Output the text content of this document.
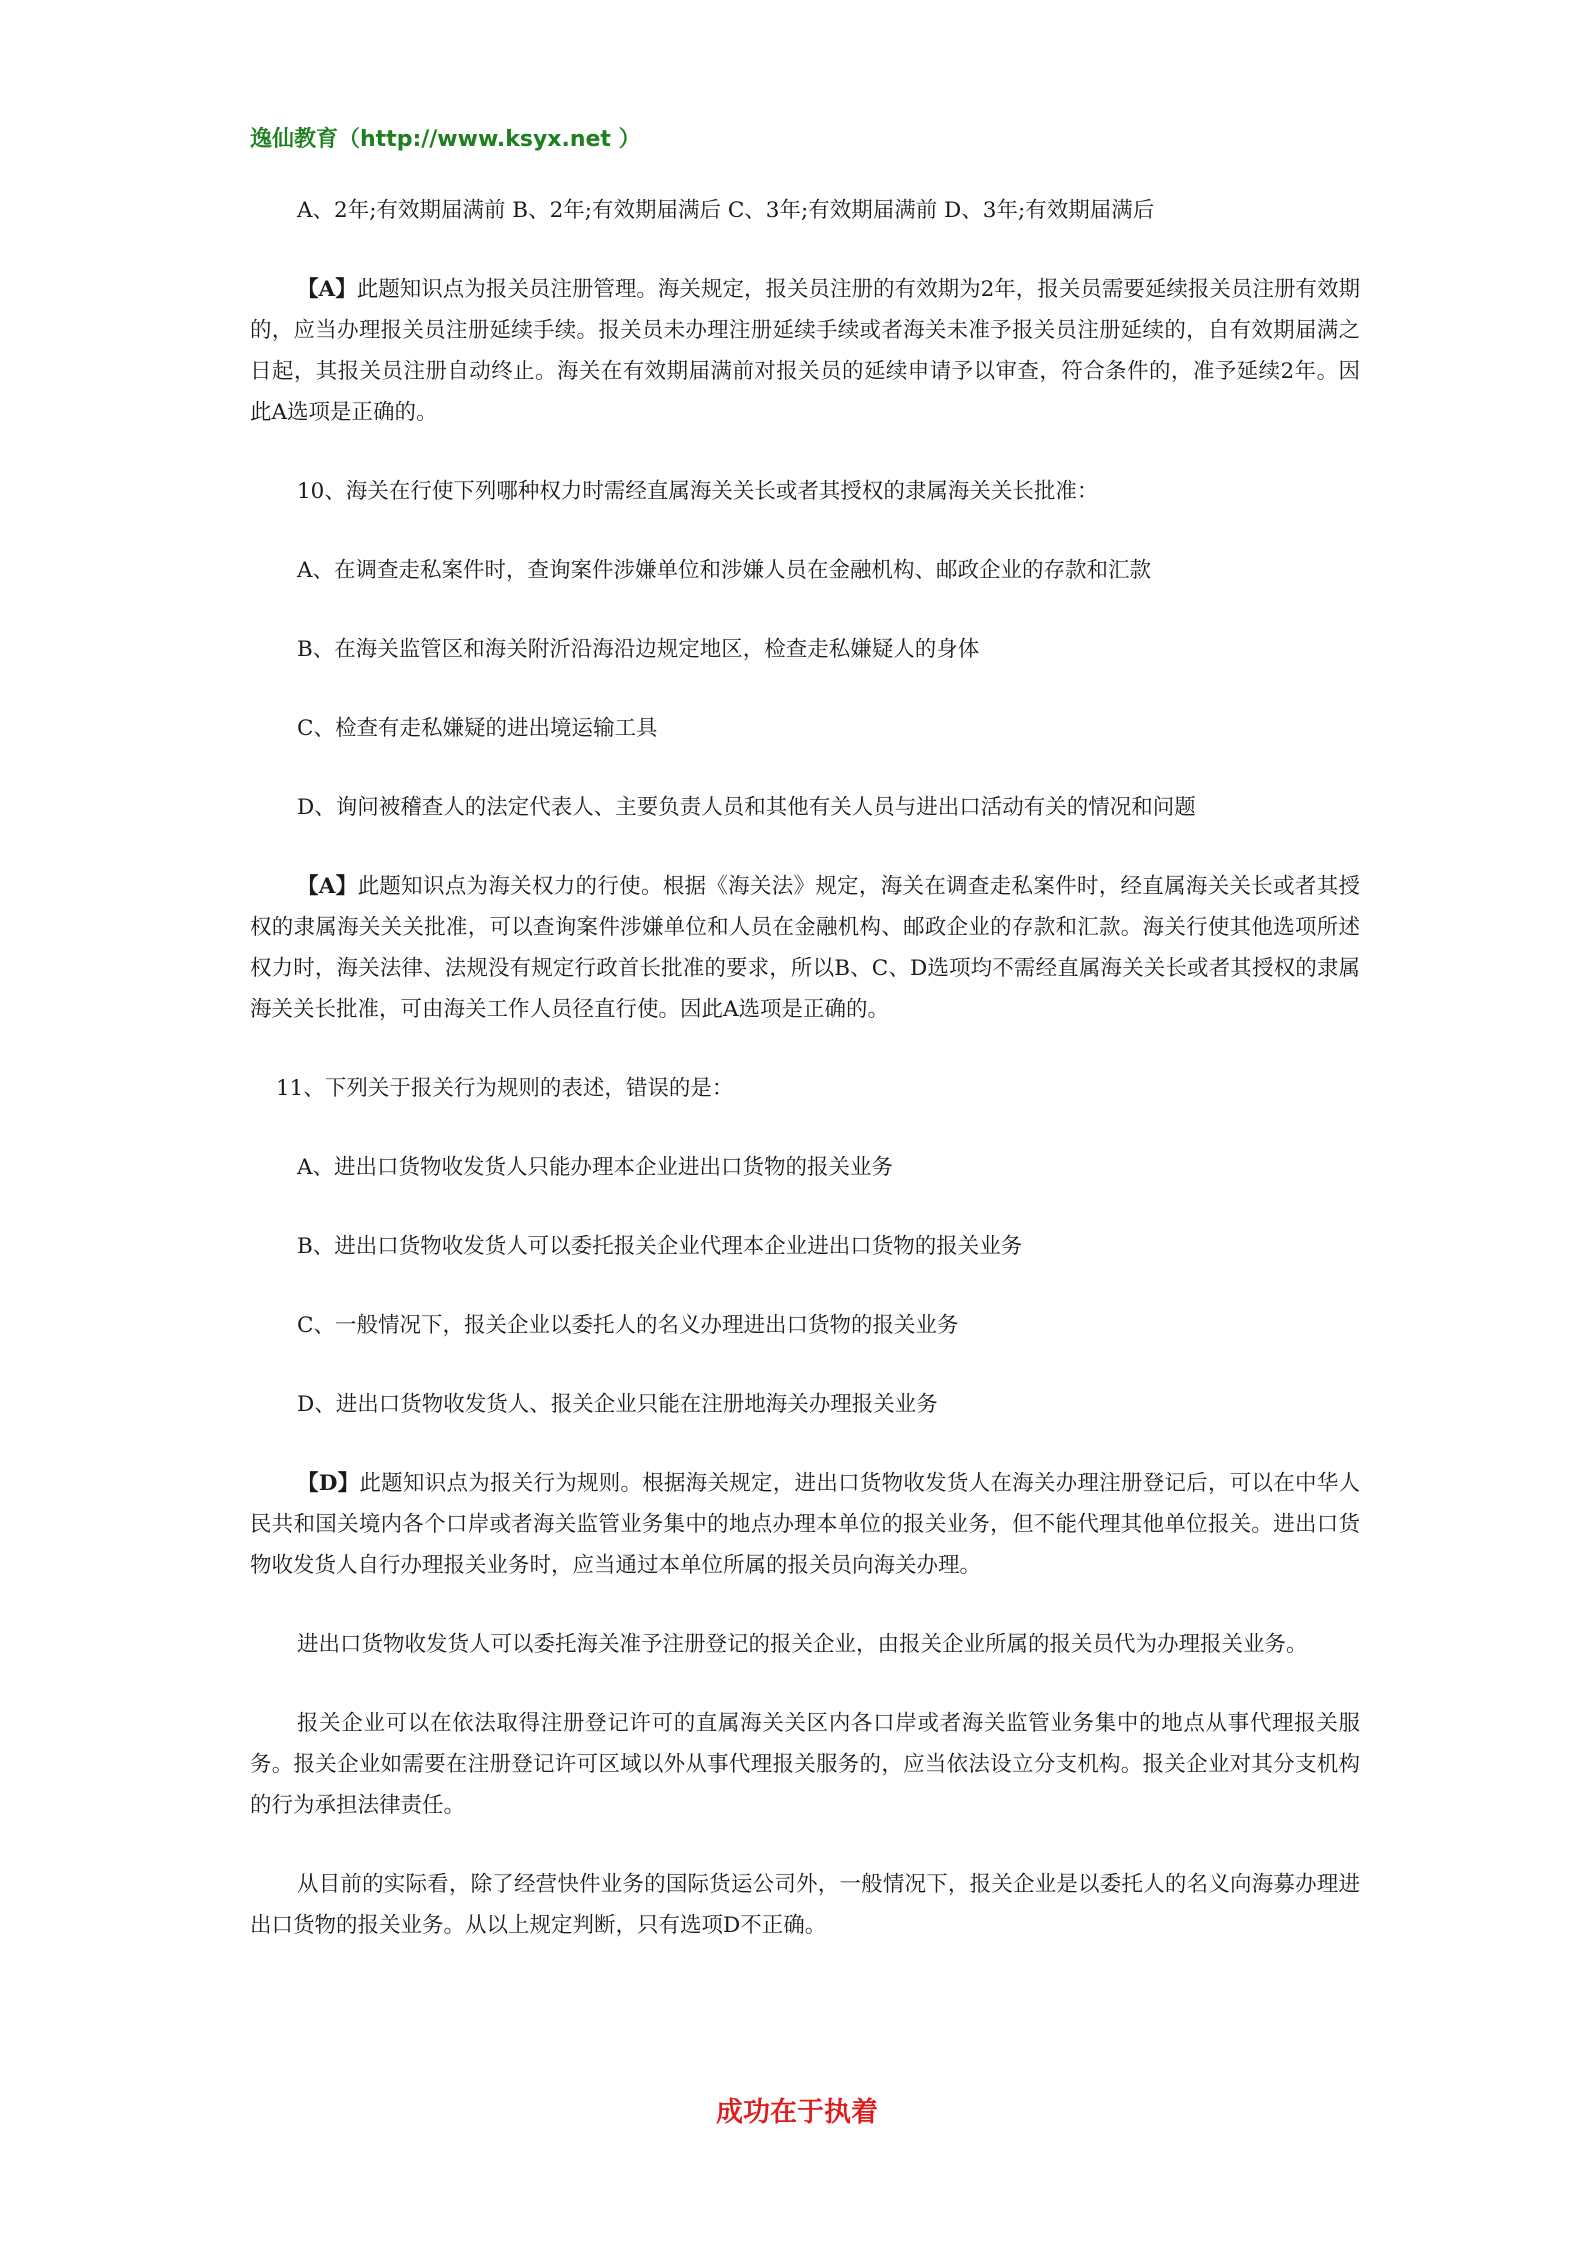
逸仙教育（http://www.ksyx.net ）
A、2年;有效期届满前 B、2年;有效期届满后 C、3年;有效期届满前 D、3年;有效期届满后
【A】此题知识点为报关员注册管理。海关规定，报关员注册的有效期为2年，报关员需要延续报关员注册有效期的，应当办理报关员注册延续手续。报关员未办理注册延续手续或者海关未准予报关员注册延续的，自有效期届满之日起，其报关员注册自动终止。海关在有效期届满前对报关员的延续申请予以审查，符合条件的，准予延续2年。因此A选项是正确的。
10、海关在行使下列哪种权力时需经直属海关关长或者其授权的隶属海关关长批准：
A、在调查走私案件时，查询案件涉嫌单位和涉嫌人员在金融机构、邮政企业的存款和汇款
B、在海关监管区和海关附沂沿海沿边规定地区，检查走私嫌疑人的身体
C、检查有走私嫌疑的进出境运输工具
D、询问被稽查人的法定代表人、主要负责人员和其他有关人员与进出口活动有关的情况和问题
【A】此题知识点为海关权力的行使。根据《海关法》规定，海关在调查走私案件时，经直属海关关长或者其授权的隶属海关关关批准，可以查询案件涉嫌单位和人员在金融机构、邮政企业的存款和汇款。海关行使其他选项所述权力时，海关法律、法规没有规定行政首长批准的要求，所以B、C、D选项均不需经直属海关关长或者其授权的隶属海关关长批准，可由海关工作人员径直行使。因此A选项是正确的。
11、下列关于报关行为规则的表述，错误的是：
A、进出口货物收发货人只能办理本企业进出口货物的报关业务
B、进出口货物收发货人可以委托报关企业代理本企业进出口货物的报关业务
C、一般情况下，报关企业以委托人的名义办理进出口货物的报关业务
D、进出口货物收发货人、报关企业只能在注册地海关办理报关业务
【D】此题知识点为报关行为规则。根据海关规定，进出口货物收发货人在海关办理注册登记后，可以在中华人民共和国关境内各个口岸或者海关监管业务集中的地点办理本单位的报关业务，但不能代理其他单位报关。进出口货物收发货人自行办理报关业务时，应当通过本单位所属的报关员向海关办理。
进出口货物收发货人可以委托海关准予注册登记的报关企业，由报关企业所属的报关员代为办理报关业务。
报关企业可以在依法取得注册登记许可的直属海关关区内各口岸或者海关监管业务集中的地点从事代理报关服务。报关企业如需要在注册登记许可区域以外从事代理报关服务的，应当依法设立分支机构。报关企业对其分支机构的行为承担法律责任。
从目前的实际看，除了经营快件业务的国际货运公司外，一般情况下，报关企业是以委托人的名义向海募办理进出口货物的报关业务。从以上规定判断，只有选项D不正确。
成功在于执着
